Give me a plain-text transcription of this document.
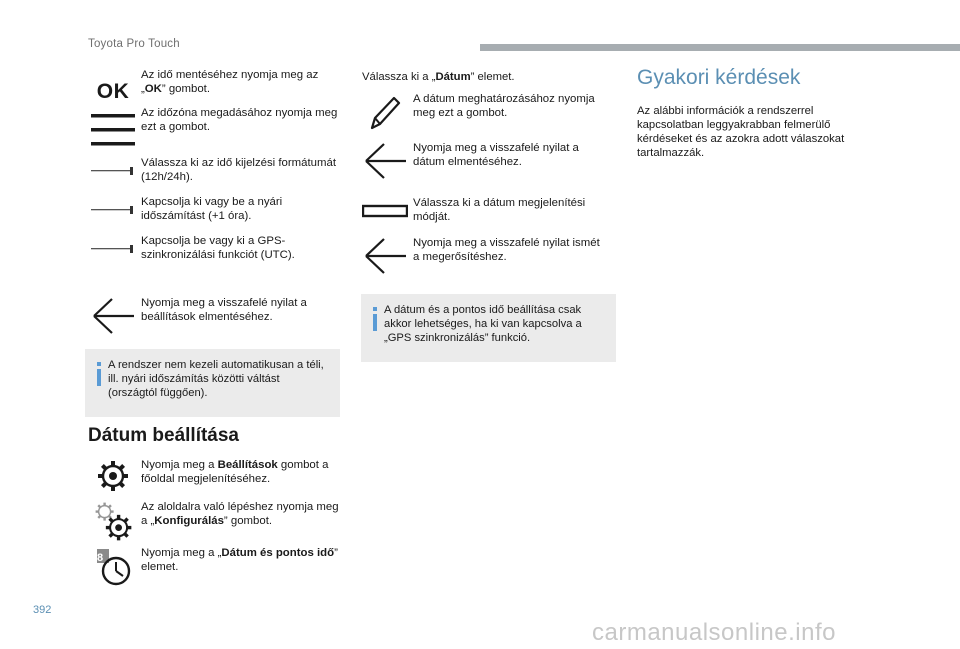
Toyota Pro Touch
OK
Az idő mentéséhez nyomja meg az „OK” gombot.
Az időzóna megadásához nyomja meg ezt a gombot.
Válassza ki az idő kijelzési formátumát (12h/24h).
Kapcsolja ki vagy be a nyári időszámítást (+1 óra).
Kapcsolja be vagy ki a GPS-szinkronizálási funkciót (UTC).
Nyomja meg a visszafelé nyilat a beállítások elmentéséhez.
A rendszer nem kezeli automatikusan a téli, ill. nyári időszámítás közötti váltást (országtól függően).
Dátum beállítása
Nyomja meg a Beállítások gombot a főoldal megjelenítéséhez.
Az aloldalra való lépéshez nyomja meg a „Konfigurálás” gombot.
8	Nyomja meg a „Dátum és pontos idő” elemet.
Válassza ki a „Dátum” elemet.
A dátum meghatározásához nyomja meg ezt a gombot.
Nyomja meg a visszafelé nyilat a dátum elmentéséhez.
Válassza ki a dátum megjelenítési módját.
Nyomja meg a visszafelé nyilat ismét a megerősítéshez.
A dátum és a pontos idő beállítása csak akkor lehetséges, ha ki van kapcsolva a „GPS szinkronizálás” funkció.
Gyakori kérdések
Az alábbi információk a rendszerrel kapcsolatban leggyakrabban felmerülő kérdéseket és az azokra adott válaszokat tartalmazzák.
392
carmanualsonline.info
